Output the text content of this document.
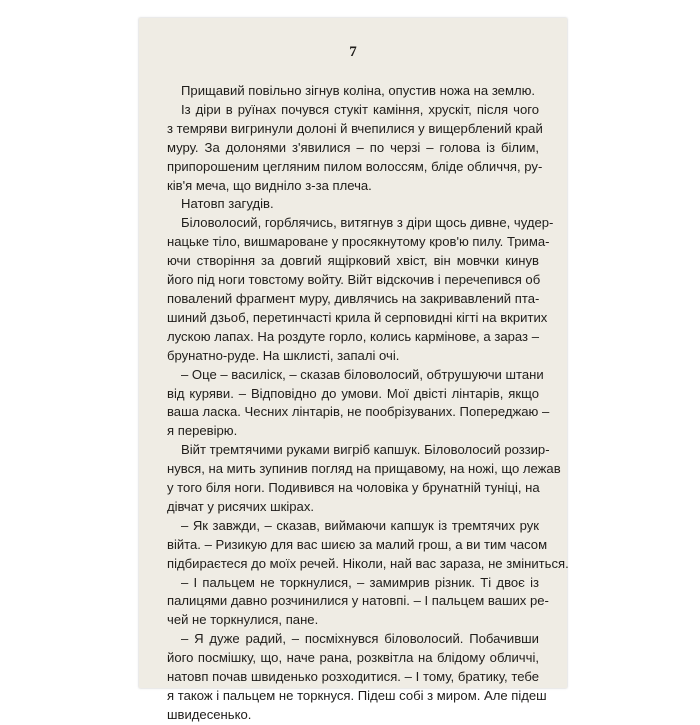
7
Прищавий повільно зігнув коліна, опустив ножа на землю.
Із діри в руїнах почувся стукіт каміння, хрускіт, після чого
з темряви вигринули долоні й вчепилися у вищерблений край
муру. За долонями з'явилися – по черзі – голова із білим,
припорошеним цегляним пилом волоссям, бліде обличчя, ру-
ків'я меча, що виднілo з-за плеча.
Натовп загудів.
Біловолосий, горблячись, витягнув з діри щось дивне, чудер-
нацьке тіло, вишмароване у просякнутому кров'ю пилу. Трима-
ючи створіння за довгий ящірковий хвіст, він мовчки кинув
його під ноги товстому войту. Війт відскочив і перечепився об
повалений фрагмент муру, дивлячись на закривавлений пта-
шиний дзьоб, перетинчасті крила й серповидні кігті на вкритих
лускою лапах. На роздуте горло, колись кармінове, а зараз –
брунатно-руде. На шклисті, запалі очі.
– Оце – василіск, – сказав біловолосий, обтрушуючи штани
від куряви. – Відповідно до умови. Мої двісті лінтарів, якщо
ваша ласка. Чесних лінтарів, не пообрізуваних. Попереджаю –
я перевірю.
Війт тремтячими руками вигріб капшук. Біловолосий роззир-
нувся, на мить зупинив погляд на прищавому, на ножі, що лежав
у того біля ноги. Подивився на чоловіка у брунатній туніці, на
дівчат у рисячих шкірах.
– Як завжди, – сказав, виймаючи капшук із тремтячих рук
війта. – Ризикую для вас шиєю за малий грош, а ви тим часом
підбираєтеся до моїх речей. Ніколи, най вас зараза, не зміниться.
– І пальцем не торкнулися, – замимрив різник. Ті двоє із
палицями давно розчинилися у натовпі. – І пальцем ваших ре-
чей не торкнулися, пане.
– Я дуже радий, – посміхнувся біловолосий. Побачивши
його посмішку, що, наче рана, розквітла на блідому обличчі,
натовп почав швиденько розходитися. – І тому, братику, тебе
я також і пальцем не торкнуся. Підеш собі з миром. Але підеш
швидесенько.
